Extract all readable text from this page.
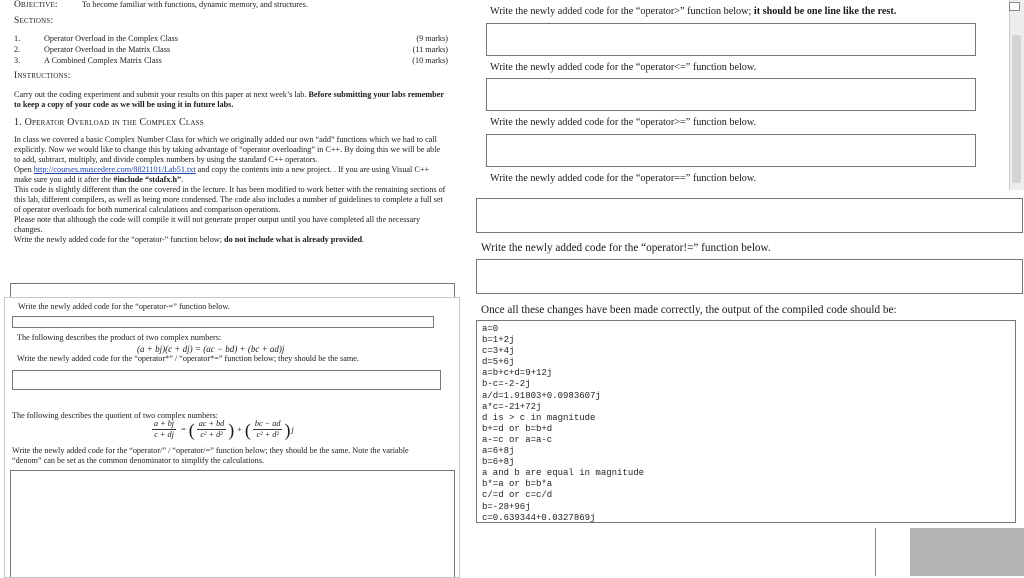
Objective:	To become familiar with functions, dynamic memory, and structures.
Sections:
1.	Operator Overload in the Complex Class	(9 marks)
2.	Operator Overload in the Matrix Class	(11 marks)
3.	A Combined Complex Matrix Class	(10 marks)
Instructions:
Carry out the coding experiment and submit your results on this paper at next week’s lab. Before submitting your labs remember to keep a copy of your code as we will be using it in future labs.
1. Operator Overload in the Complex Class
In class we covered a basic Complex Number Class for which we originally added our own “add” functions which we had to call explicitly. Now we would like to change this by taking advantage of “operator overloading” in C++. By doing this we will be able to add, subtract, multiply, and divide complex numbers by using the standard C++ operators.
Open http://courses.muscedere.com/8821101/Lab51.txt and copy the contents into a new project. . If you are using Visual C++ make sure you add it after the #include “stdafx.h”.
This code is slightly different than the one covered in the lecture. It has been modified to work better with the remaining sections of this lab, different compilers, as well as being more condensed. The code also includes a number of guidelines to complete a full set of operator overloads for both numerical calculations and comparison operations.
Please note that although the code will compile it will not generate proper output until you have completed all the necessary changes.
Write the newly added code for the “operator-” function below; do not include what is already provided.
Write the newly added code for the “operator-=” function below.
The following describes the product of two complex numbers:
(a + bj)(c + dj) = (ac − bd) + (bc + ad)j
Write the newly added code for the “operator*” / “operator*=” function below; they should be the same.
The following describes the quotient of two complex numbers:
$\frac{a + bj}{c + dj}$ = ( $\frac{ac + bd}{\text{c² + d²}}$ ) + ( $\frac{bc - ad}{\text{c² + d²}}$ ) j
Write the newly added code for the “operator/” / “operator/=” function below; they should be the same. Note the variable “denom” can be set as the common denominator to simplify the calculations.
Write the newly added code for the “operator>” function below; it should be one line like the rest.
Write the newly added code for the “operator<=” function below.
Write the newly added code for the “operator>=” function below.
Write the newly added code for the “operator==” function below.
Write the newly added code for the “operator!=” function below.
Once all these changes have been made correctly, the output of the compiled code should be:
a=0
b=1+2j
c=3+4j
d=5+6j
a=b+c+d=9+12j
b-c=-2-2j
a/d=1.91803+0.0983607j
a*c=-21+72j
d is > c in magnitude
b+=d or b=b+d
a-=c or a=a-c
a=6+8j
b=6+8j
a and b are equal in magnitude
b*=a or b=b*a
c/=d or c=c/d
b=-28+96j
c=0.639344+0.0327869j
